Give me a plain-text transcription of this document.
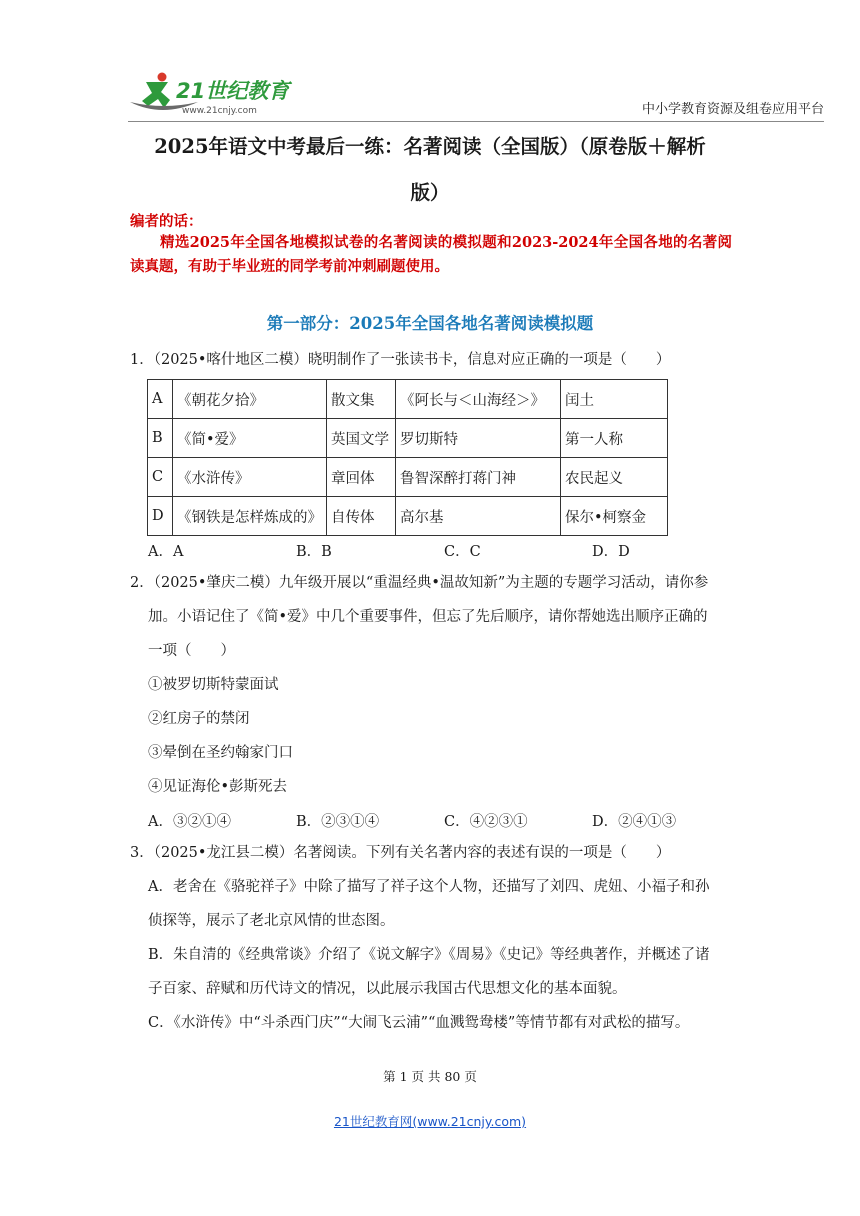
21世纪教育
www.21cnjy.com	中小学教育资源及组卷应用平台
2025年语文中考最后一练：名著阅读（全国版）（原卷版＋解析
版）
编者的话：
精选2025年全国各地模拟试卷的名著阅读的模拟题和2023-2024年全国各地的名著阅读真题，有助于毕业班的同学考前冲刺刷题使用。
第一部分：2025年全国各地名著阅读模拟题
1．（2025•喀什地区二模）晓明制作了一张读书卡，信息对应正确的一项是（　　）
A	《朝花夕拾》	散文集	《阿长与＜山海经＞》	闰土
B	《简•爱》	英国文学	罗切斯特	第一人称
C	《水浒传》	章回体	鲁智深醉打蒋门神	农民起义
D	《钢铁是怎样炼成的》	自传体	高尔基	保尔•柯察金
A．A	B．B	C．C	D．D
2．（2025•肇庆二模）九年级开展以“重温经典•温故知新”为主题的专题学习活动，请你参
加。小语记住了《简•爱》中几个重要事件，但忘了先后顺序，请你帮她选出顺序正确的
一项（　　）
①被罗切斯特蒙面试
②红房子的禁闭
③晕倒在圣约翰家门口
④见证海伦•彭斯死去
A．③②①④	B．②③①④	C．④②③①	D．②④①③
3．（2025•龙江县二模）名著阅读。下列有关名著内容的表述有误的一项是（　　）
A．老舍在《骆驼祥子》中除了描写了祥子这个人物，还描写了刘四、虎妞、小福子和孙
侦探等，展示了老北京风情的世态图。
B．朱自清的《经典常谈》介绍了《说文解字》《周易》《史记》等经典著作，并概述了诸
子百家、辞赋和历代诗文的情况，以此展示我国古代思想文化的基本面貌。
C．《水浒传》中“斗杀西门庆”“大闹飞云浦”“血溅鸳鸯楼”等情节都有对武松的描写。
第 1 页 共 80 页
21世纪教育网(www.21cnjy.com)
